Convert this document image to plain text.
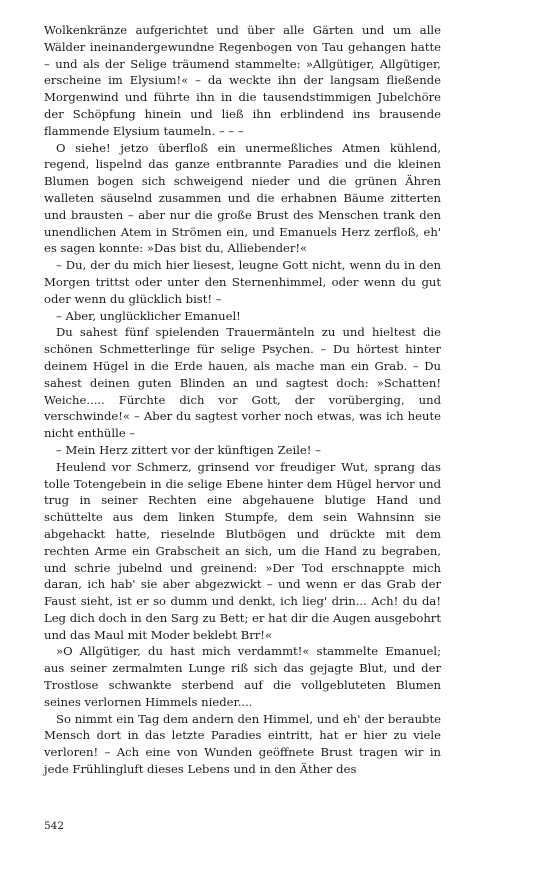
Wolkenkränze aufgerichtet und über alle Gärten und um alle Wälder ineinandergewundne Regenbogen von Tau gehangen hatte – und als der Selige träumend stammelte: »Allgütiger, Allgütiger, erscheine im Elysium!« – da weckte ihn der langsam fließende Morgenwind und führte ihn in die tausendstimmigen Jubelchöre der Schöpfung hinein und ließ ihn erblindend ins brausende flammende Elysium taumeln. – – –

O siehe! jetzo überfloß ein unermeßliches Atmen kühlend, regend, lispelnd das ganze entbrannte Paradies und die kleinen Blumen bogen sich schweigend nieder und die grünen Ähren walleten säuselnd zusammen und die erhabnen Bäume zitterten und brausten – aber nur die große Brust des Menschen trank den unendlichen Atem in Strömen ein, und Emanuels Herz zerfloß, eh' es sagen konnte: »Das bist du, Alliebender!«

– Du, der du mich hier liesest, leugne Gott nicht, wenn du in den Morgen trittst oder unter den Sternenhimmel, oder wenn du gut oder wenn du glücklich bist! –

– Aber, unglücklicher Emanuel!

Du sahest fünf spielenden Trauermänteln zu und hieltest die schönen Schmetterlinge für selige Psychen. – Du hörtest hinter deinem Hügel in die Erde hauen, als mache man ein Grab. – Du sahest deinen guten Blinden an und sagtest doch: »Schatten! Weiche..... Fürchte dich vor Gott, der vorüberging, und verschwinde!« – Aber du sagtest vorher noch etwas, was ich heute nicht enthülle –

– Mein Herz zittert vor der künftigen Zeile! –

Heulend vor Schmerz, grinsend vor freudiger Wut, sprang das tolle Totengebein in die selige Ebene hinter dem Hügel hervor und trug in seiner Rechten eine abgehauene blutige Hand und schüttelte aus dem linken Stumpfe, dem sein Wahnsinn sie abgehackt hatte, rieselnde Blutbögen und drückte mit dem rechten Arme ein Grabscheit an sich, um die Hand zu begraben, und schrie jubelnd und greinend: »Der Tod erschnappte mich daran, ich hab' sie aber abgezwickt – und wenn er das Grab der Faust sieht, ist er so dumm und denkt, ich lieg' drin... Ach! du da! Leg dich doch in den Sarg zu Bett; er hat dir die Augen ausgebohrt und das Maul mit Moder beklebt Brr!«

»O Allgütiger, du hast mich verdammt!« stammelte Emanuel; aus seiner zermalmten Lunge riß sich das gejagte Blut, und der Trostlose schwankte sterbend auf die vollgebluteten Blumen seines verlornen Himmels nieder....

So nimmt ein Tag dem andern den Himmel, und eh' der beraubte Mensch dort in das letzte Paradies eintritt, hat er hier zu viele verloren! – Ach eine von Wunden geöffnete Brust tragen wir in jede Frühlingluft dieses Lebens und in den Äther des

542
